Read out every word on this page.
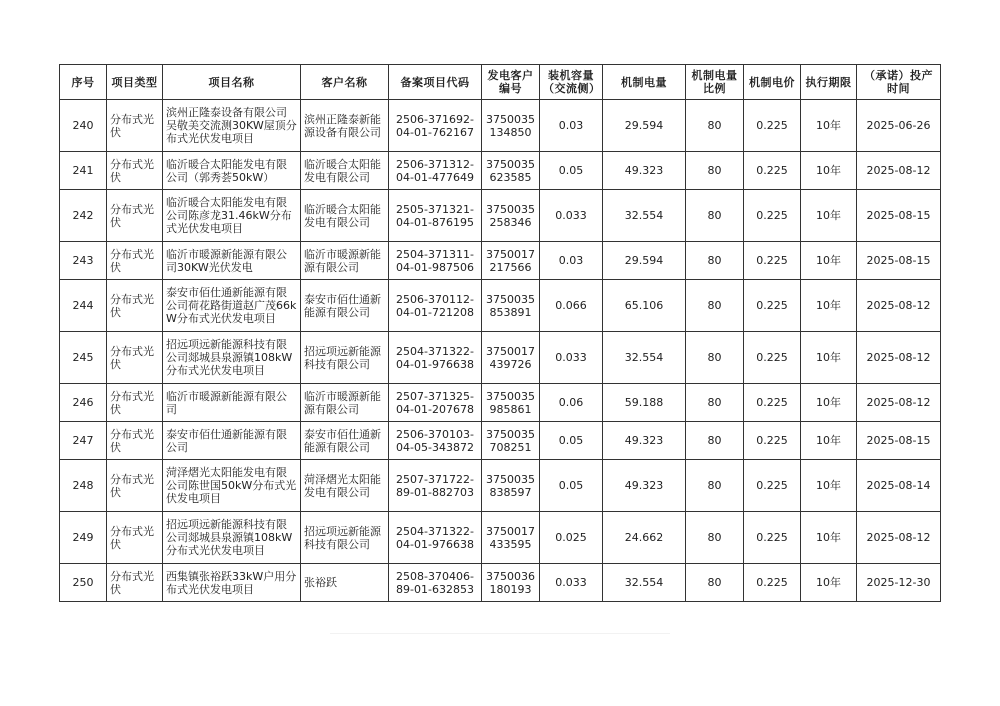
序号	项目类型	项目名称	客户名称	备案项目代码	发电客户编号	装机容量（交流侧）	机制电量	机制电量比例	机制电价	执行期限	（承诺）投产时间
240	分布式光伏	滨州正隆泰设备有限公司吴敬美交流测30KW屋顶分布式光伏发电项目	滨州正隆泰新能源设备有限公司	2506-371692-04-01-762167	3750035134850	0.03	29.594	80	0.225	10年	2025-06-26
241	分布式光伏	临沂暖合太阳能发电有限公司（郭秀荟50kW）	临沂暖合太阳能发电有限公司	2506-371312-04-01-477649	3750035623585	0.05	49.323	80	0.225	10年	2025-08-12
242	分布式光伏	临沂暖合太阳能发电有限公司陈彦龙31.46kW分布式光伏发电项目	临沂暖合太阳能发电有限公司	2505-371321-04-01-876195	3750035258346	0.033	32.554	80	0.225	10年	2025-08-15
243	分布式光伏	临沂市暖源新能源有限公司30KW光伏发电	临沂市暖源新能源有限公司	2504-371311-04-01-987506	3750017217566	0.03	29.594	80	0.225	10年	2025-08-15
244	分布式光伏	泰安市佰仕通新能源有限公司荷花路街道赵广茂66kW分布式光伏发电项目	泰安市佰仕通新能源有限公司	2506-370112-04-01-721208	3750035853891	0.066	65.106	80	0.225	10年	2025-08-12
245	分布式光伏	招远项远新能源科技有限公司郯城县泉源镇108kW分布式光伏发电项目	招远项远新能源科技有限公司	2504-371322-04-01-976638	3750017439726	0.033	32.554	80	0.225	10年	2025-08-12
246	分布式光伏	临沂市暖源新能源有限公司	临沂市暖源新能源有限公司	2507-371325-04-01-207678	3750035985861	0.06	59.188	80	0.225	10年	2025-08-12
247	分布式光伏	泰安市佰仕通新能源有限公司	泰安市佰仕通新能源有限公司	2506-370103-04-05-343872	3750035708251	0.05	49.323	80	0.225	10年	2025-08-15
248	分布式光伏	菏泽熠光太阳能发电有限公司陈世国50kW分布式光伏发电项目	菏泽熠光太阳能发电有限公司	2507-371722-89-01-882703	3750035838597	0.05	49.323	80	0.225	10年	2025-08-14
249	分布式光伏	招远项远新能源科技有限公司郯城县泉源镇108kW分布式光伏发电项目	招远项远新能源科技有限公司	2504-371322-04-01-976638	3750017433595	0.025	24.662	80	0.225	10年	2025-08-12
250	分布式光伏	西集镇张裕跃33kW户用分布式光伏发电项目	张裕跃	2508-370406-89-01-632853	3750036180193	0.033	32.554	80	0.225	10年	2025-12-30
